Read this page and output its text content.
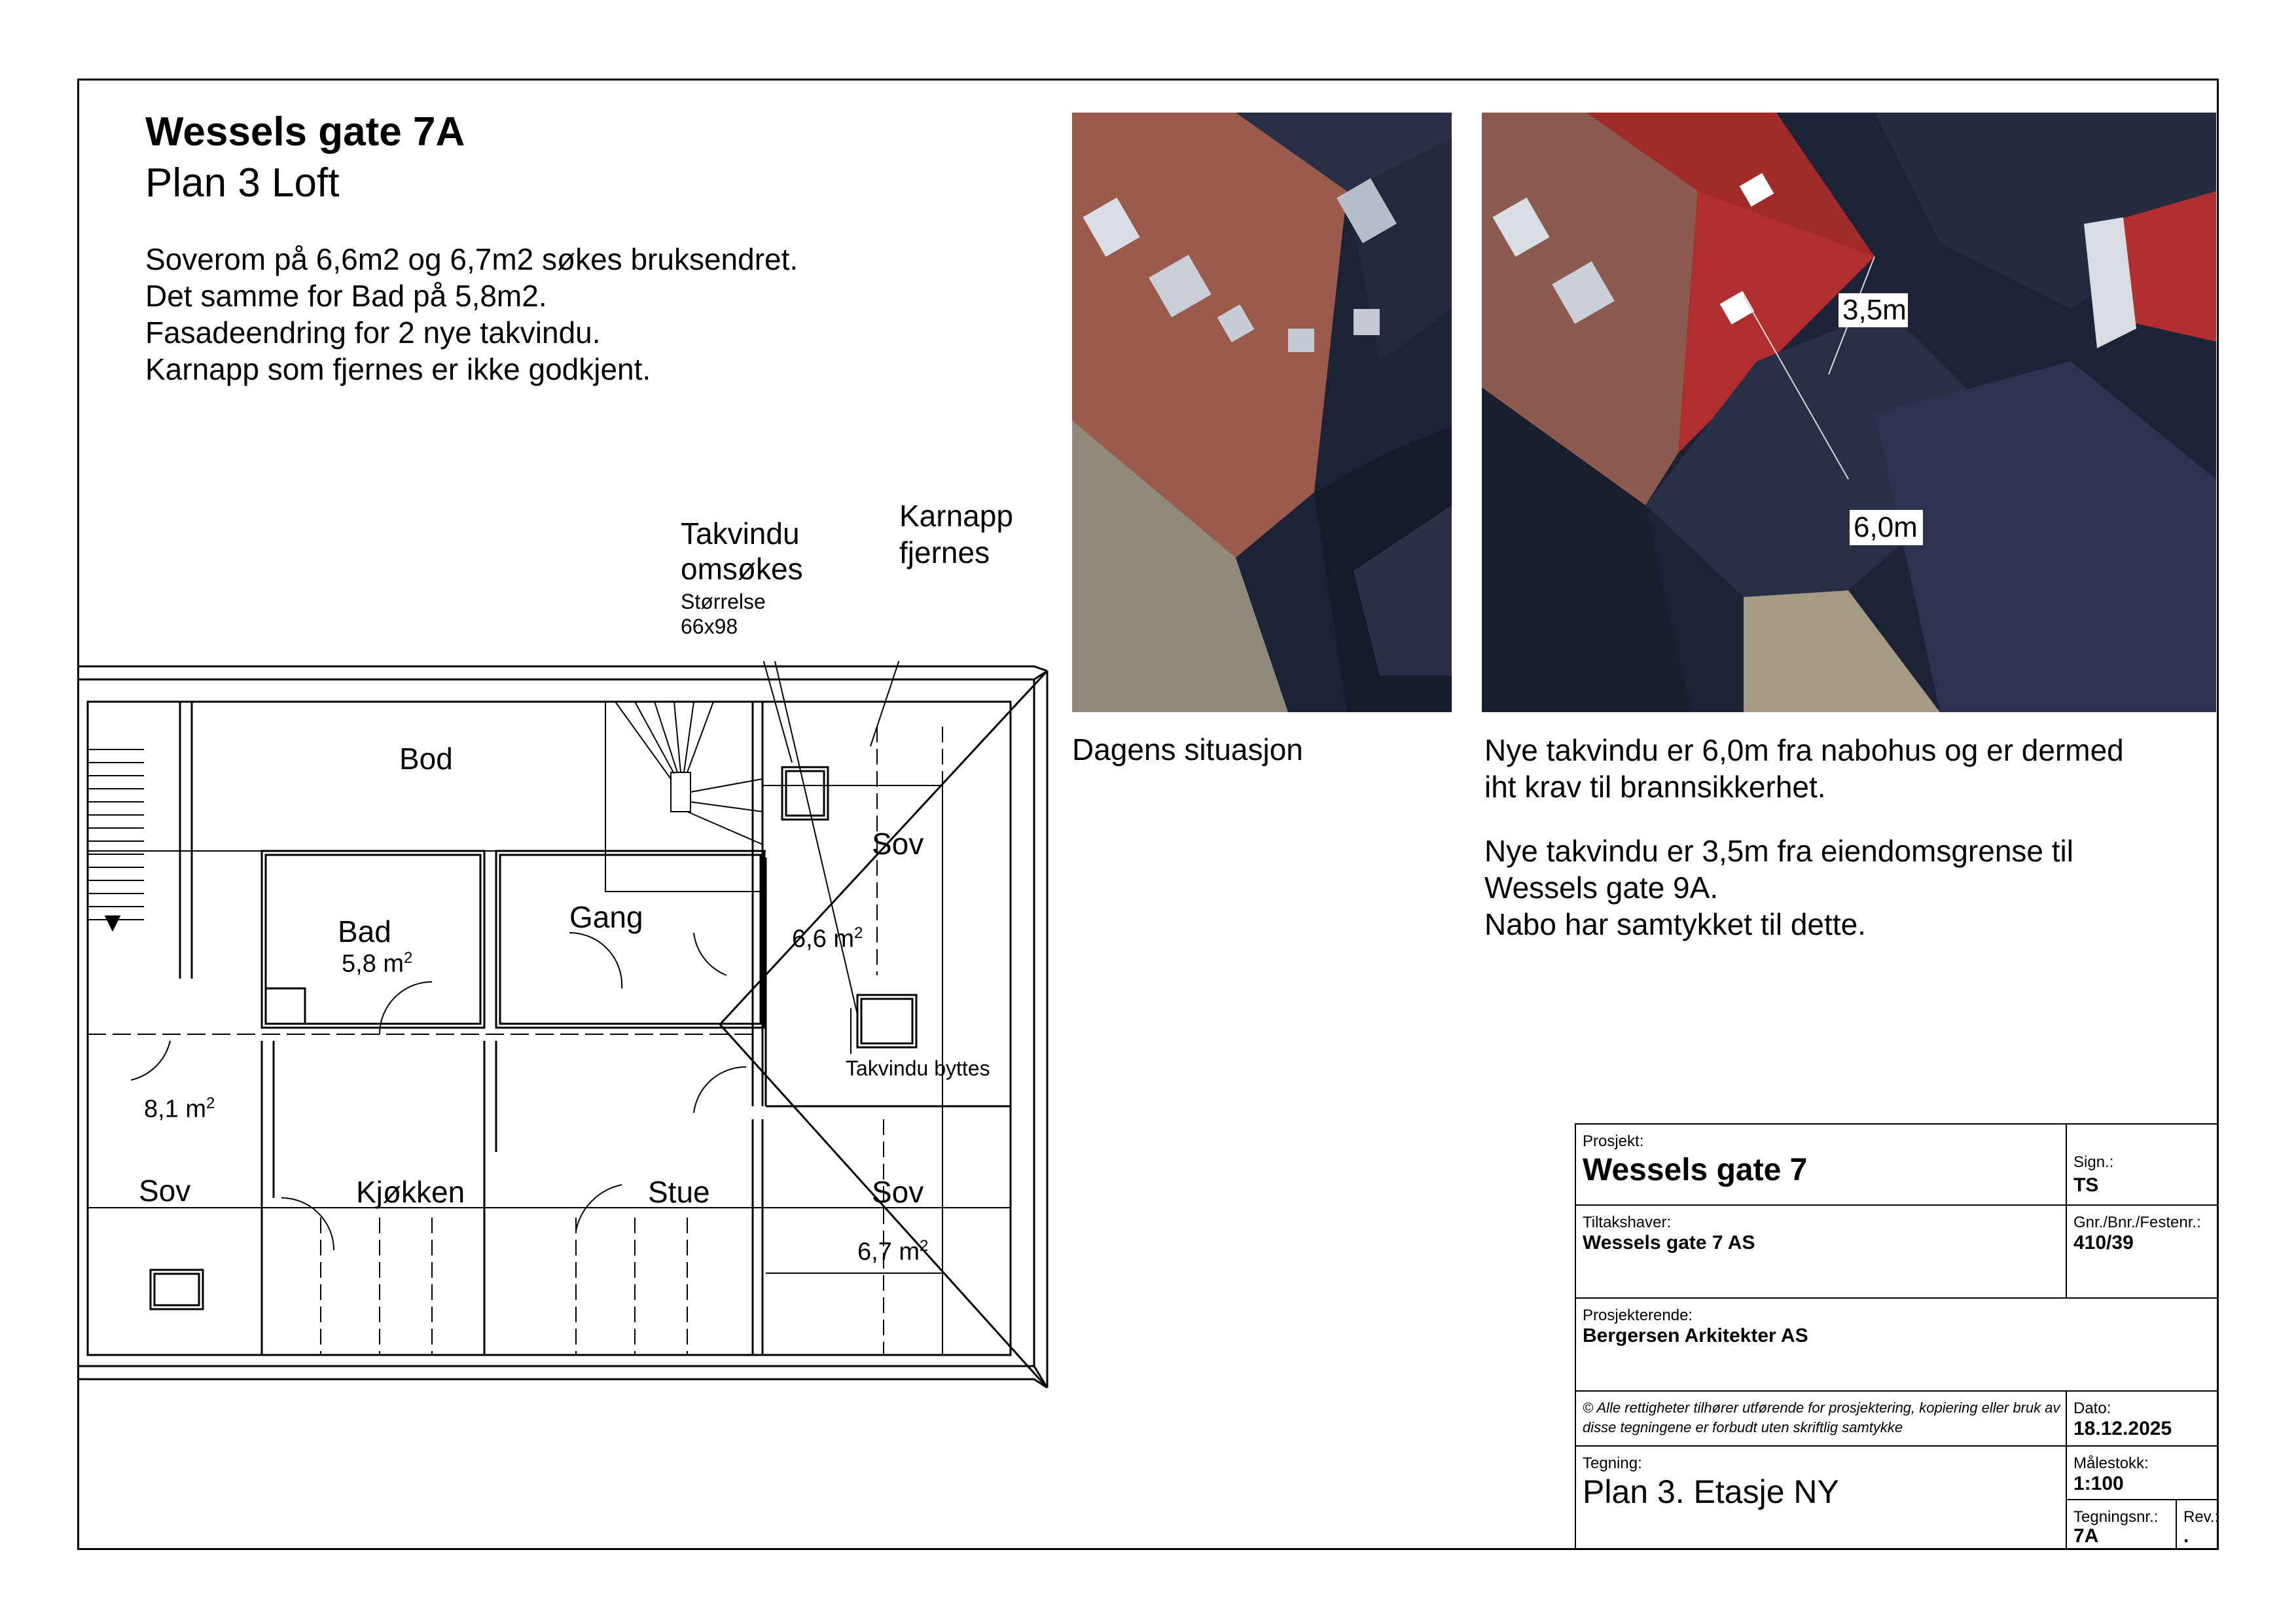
Wessels gate 7A
Plan 3 Loft
Soverom på 6,6m2 og 6,7m2 søkes bruksendret.
Det samme for Bad på 5,8m2.
Fasadeendring for 2 nye takvindu.
Karnapp som fjernes er ikke godkjent.
Dagens situasjon
3,5m
6,0m
Nye takvindu er 6,0m fra nabohus og er dermed
iht krav til brannsikkerhet.
Nye takvindu er 3,5m fra eiendomsgrense til
Wessels gate 9A.
Nabo har samtykket til dette.
Takvindu
omsøkes
Størrelse
66x98
Karnapp
fjernes
Takvindu byttes
Bod
Bad
5,8 $m^2$
Gang
Sov
6,6 $m^2$
8,1 $m^2$
Sov	Kjøkken	Stue	Sov
6,7 $m^2$
Prosjekt:
Wessels gate 7	Sign.:
TS
Tiltakshaver:
Wessels gate 7 AS
Gnr./Bnr./Festenr.:
410/39
Prosjekterende:
Bergersen Arkitekter AS
© Alle rettigheter tilhører utførende for prosjektering, kopiering eller bruk av disse tegningene er forbudt uten skriftlig samtykke
Dato:
18.12.2025
Tegning:
Plan 3. Etasje NY
Målestokk:
1:100
Tegningsnr.:
7A
Rev.:
.
